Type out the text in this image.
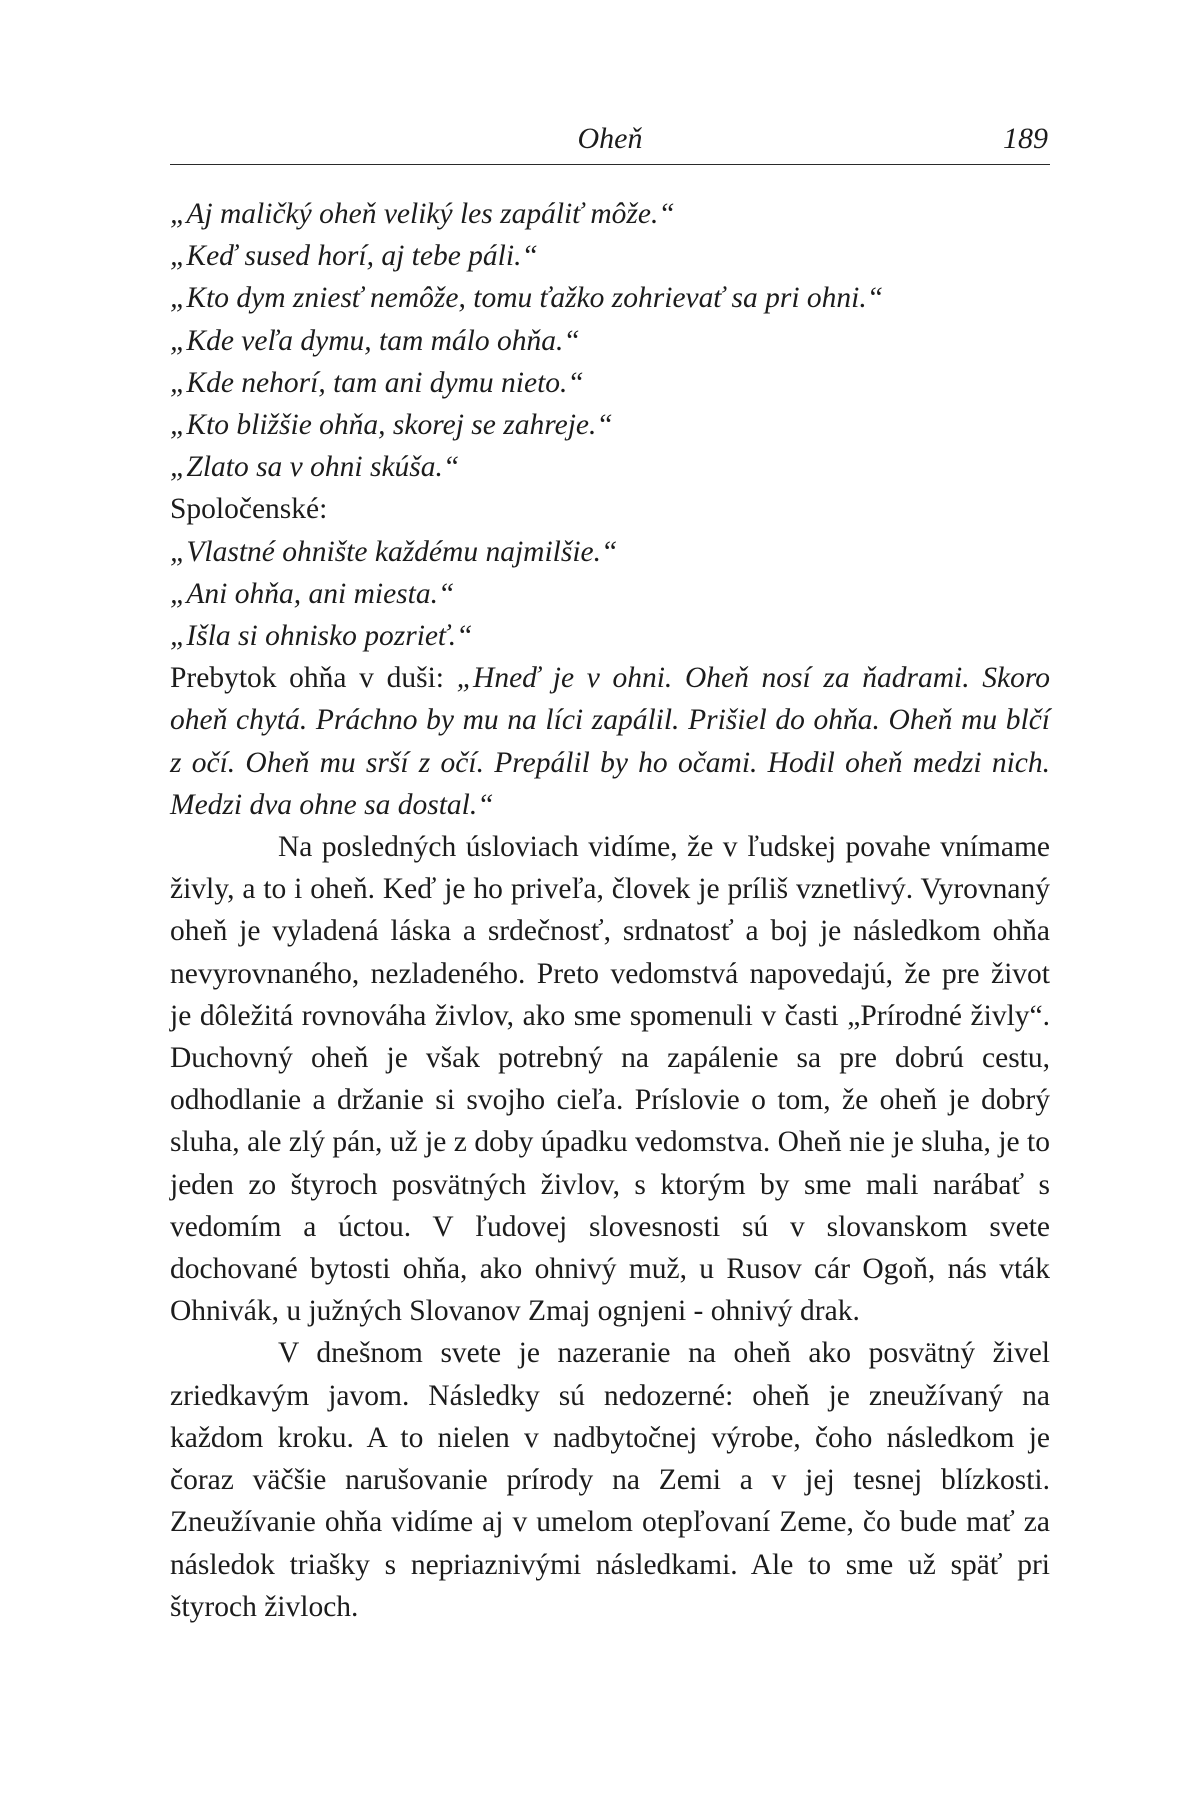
Oheň	189
„Aj maličký oheň veliký les zapáliť môže.“
„Keď sused horí, aj tebe páli.“
„Kto dym zniesť nemôže, tomu ťažko zohrievať sa pri ohni.“
„Kde veľa dymu, tam málo ohňa.“
„Kde nehorí, tam ani dymu nieto.“
„Kto bližšie ohňa, skorej se zahreje.“
„Zlato sa v ohni skúša.“
Spoločenské:
„Vlastné ohnište každému najmilšie.“
„Ani ohňa, ani miesta.“
„Išla si ohnisko pozrieť.“

Prebytok ohňa v duši: „Hneď je v ohni. Oheň nosí za ňadrami. Skoro oheň chytá. Práchno by mu na líci zapálil. Prišiel do ohňa. Oheň mu blčí z očí. Oheň mu srší z očí. Prepálil by ho očami. Hodil oheň medzi nich. Medzi dva ohne sa dostal.“

Na posledných úsloviach vidíme, že v ľudskej povahe vnímame živly, a to i oheň. Keď je ho priveľa, človek je príliš vznetlivý. Vyrovnaný oheň je vyladená láska a srdečnosť, srdnatosť a boj je následkom ohňa nevyrovnaného, nezladeného. Preto vedomstvá napovedajú, že pre život je dôležitá rovnováha živlov, ako sme spomenuli v časti „Prírodné živly“. Duchovný oheň je však potrebný na zapálenie sa pre dobrú cestu, odhodlanie a držanie si svojho cieľa. Príslovie o tom, že oheň je dobrý sluha, ale zlý pán, už je z doby úpadku vedomstva. Oheň nie je sluha, je to jeden zo štyroch posvätných živlov, s ktorým by sme mali narábať s vedomím a úctou. V ľudovej slovesnosti sú v slovanskom svete dochované bytosti ohňa, ako ohnivý muž, u Rusov cár Ogoň, nás vták Ohnivák, u južných Slovanov Zmaj ognjeni - ohnivý drak.

V dnešnom svete je nazeranie na oheň ako posvätný živel zriedkavým javom. Následky sú nedozerné: oheň je zneužívaný na každom kroku. A to nielen v nadbytočnej výrobe, čoho následkom je čoraz väčšie narušovanie prírody na Zemi a v jej tesnej blízkosti. Zneužívanie ohňa vidíme aj v umelom otepľovaní Zeme, čo bude mať za následok triašky s nepriaznivými následkami. Ale to sme už späť pri štyroch živloch.
